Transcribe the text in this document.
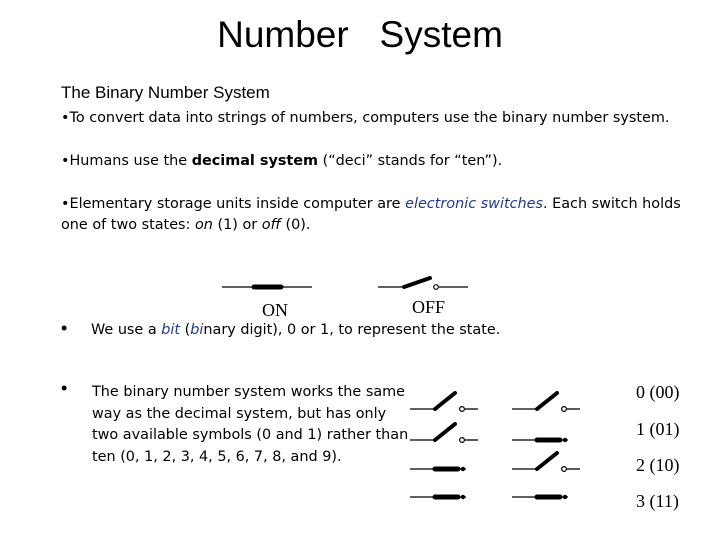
Number   System
The Binary Number System
•To convert data into strings of numbers, computers use the binary number system.
•Humans use the decimal system (“deci” stands for “ten”).
•Elementary storage units inside computer are electronic switches. Each switch holds one of two states: on (1) or off (0).
ON	OFF
• We use a bit (binary digit), 0 or 1, to represent the state.
• The binary number system works the same way as the decimal system, but has only two available symbols (0 and 1) rather than ten (0, 1, 2, 3, 4, 5, 6, 7, 8, and 9).
0 (00)
1 (01)
2 (10)
3 (11)
